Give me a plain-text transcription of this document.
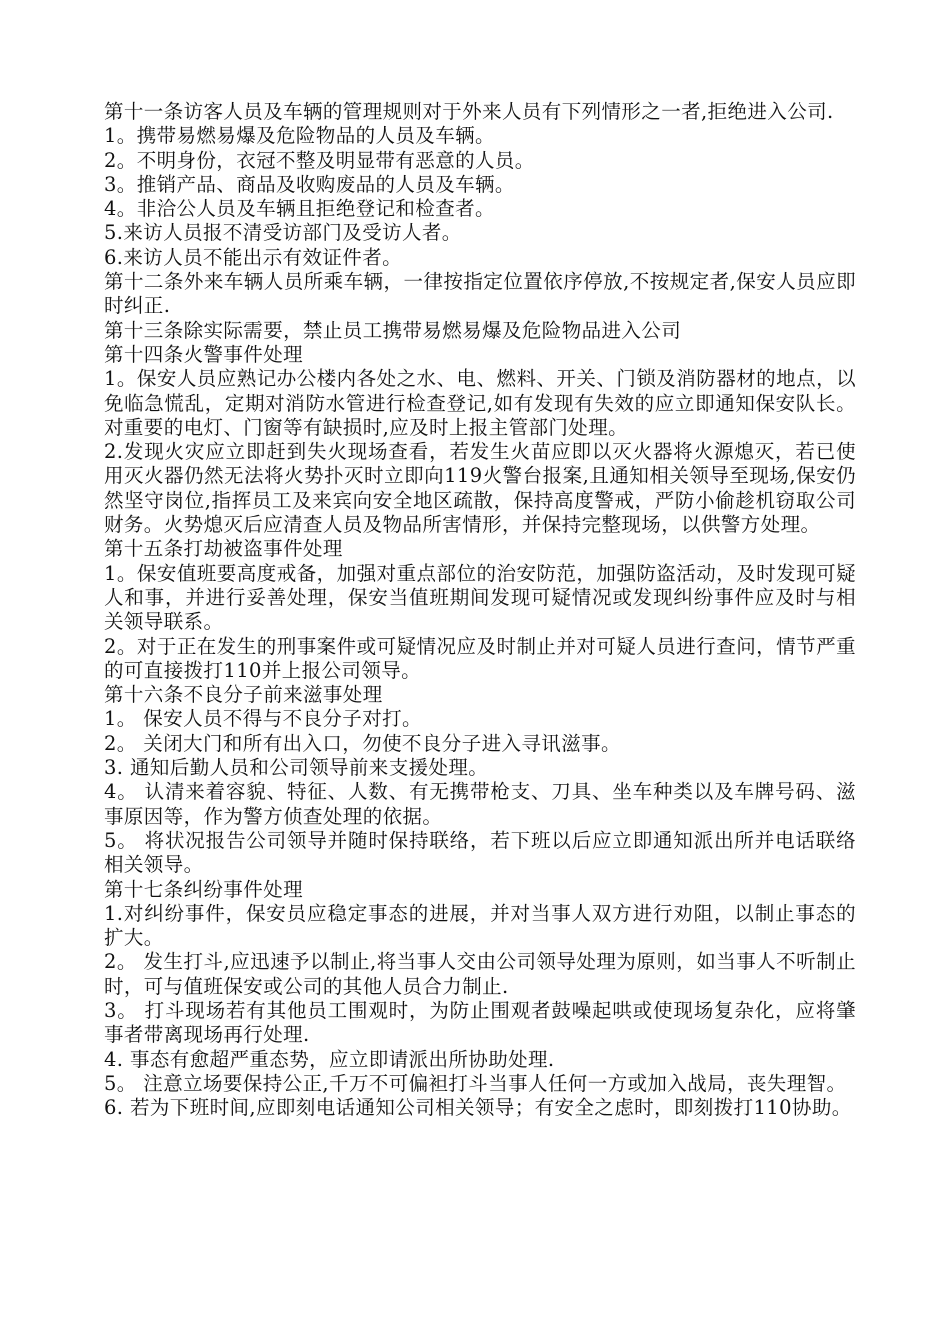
第十一条访客人员及车辆的管理规则对于外来人员有下列情形之一者,拒绝进入公司.

1。携带易燃易爆及危险物品的人员及车辆。

2。不明身份，衣冠不整及明显带有恶意的人员。

3。推销产品、商品及收购废品的人员及车辆。

4。非洽公人员及车辆且拒绝登记和检查者。

5.来访人员报不清受访部门及受访人者。

6.来访人员不能出示有效证件者。

第十二条外来车辆人员所乘车辆，一律按指定位置依序停放,不按规定者,保安人员应即时纠正.

第十三条除实际需要，禁止员工携带易燃易爆及危险物品进入公司

第十四条火警事件处理

1。保安人员应熟记办公楼内各处之水、电、燃料、开关、门锁及消防器材的地点，以免临急慌乱，定期对消防水管进行检查登记,如有发现有失效的应立即通知保安队长。对重要的电灯、门窗等有缺损时,应及时上报主管部门处理。

2.发现火灾应立即赶到失火现场查看，若发生火苗应即以灭火器将火源熄灭，若已使用灭火器仍然无法将火势扑灭时立即向119火警台报案,且通知相关领导至现场,保安仍然坚守岗位,指挥员工及来宾向安全地区疏散，保持高度警戒，严防小偷趁机窃取公司财务。火势熄灭后应清查人员及物品所害情形，并保持完整现场，以供警方处理。

第十五条打劫被盗事件处理

1。保安值班要高度戒备，加强对重点部位的治安防范，加强防盗活动，及时发现可疑人和事，并进行妥善处理，保安当值班期间发现可疑情况或发现纠纷事件应及时与相关领导联系。

2。对于正在发生的刑事案件或可疑情况应及时制止并对可疑人员进行查问，情节严重的可直接拨打110并上报公司领导。

第十六条不良分子前来滋事处理

1。 保安人员不得与不良分子对打。

2。 关闭大门和所有出入口，勿使不良分子进入寻讯滋事。

3. 通知后勤人员和公司领导前来支援处理。

4。 认清来着容貌、特征、人数、有无携带枪支、刀具、坐车种类以及车牌号码、滋事原因等，作为警方侦查处理的依据。

5。 将状况报告公司领导并随时保持联络，若下班以后应立即通知派出所并电话联络相关领导。

第十七条纠纷事件处理

1.对纠纷事件，保安员应稳定事态的进展，并对当事人双方进行劝阻，以制止事态的扩大。

2。 发生打斗,应迅速予以制止,将当事人交由公司领导处理为原则，如当事人不听制止时，可与值班保安或公司的其他人员合力制止.

3。 打斗现场若有其他员工围观时，为防止围观者鼓噪起哄或使现场复杂化，应将肇事者带离现场再行处理.

4. 事态有愈超严重态势，应立即请派出所协助处理.

5。 注意立场要保持公正,千万不可偏袒打斗当事人任何一方或加入战局，丧失理智。

6. 若为下班时间,应即刻电话通知公司相关领导；有安全之虑时，即刻拨打110协助。
